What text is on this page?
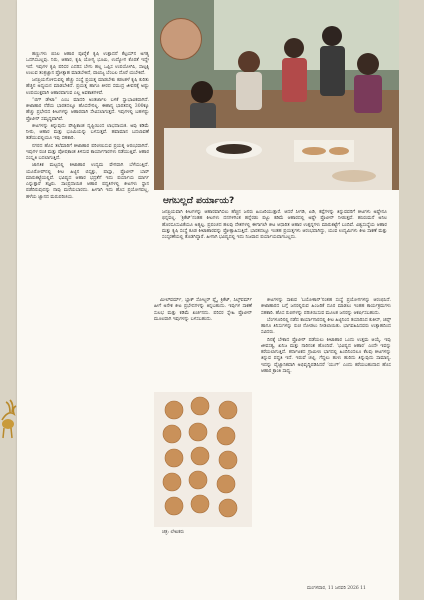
ಹಣ್ಣುಗಳು ಬಿಸಿಲ ಆಹಾರ ಪೂರೈಕೆ ಕೃಷಿ ಉತ್ಪಾದನೆ ಕೆಲ್ಪಯ್‌ನ ಅಗತ್ಯ ಒದಗಿಸಬಲ್ಲವು. ನಿರು, ಆಹಾರ, ಕೃಷಿ ಯೋಗ್ಯ ಭೂಮಿ, ಉದ್ಯೋಗ ಕೊರತೆ ಇದ್ದೇ ಇದೆ. ಇವುಗಳ ಕೃಷಿ ಪರಿಸರ ಎದರಿಸ ಬೇಗು ಹಲ್ಲ ಒಪ್ಪಿಸ ಉಪಯೋಗಿಸಿ, ಸಾಲ್ಪಕ್ಕಿ ಉಲುವ ತಂತ್ರಜ್ಞಾನ ಪ್ರೋತ್ಸಾಹ ಮಾಡಬೇಕಿದೆ, ವಾಣಿಜ್ಯ ಬೆಂಬಲ ದೊರೆ ಯಬೇಕಿದೆ.

ಜನಪ್ರಿಯಗೊಳಿಸುವಲ್ಲಿ ಹೆಚ್ಚು ಸಂಸ್ಥೆ ಪ್ರಯತ್ನ ಮಾಡಬೇಕು ಕಡಲಕಳೆ ಕೃಷಿ ಕುರಿತು ಹೆಚ್ಚಿನ ಅಧ್ಯಯನ ಮಾಡಬೇಕಿದೆ. ಪ್ರಯತ್ನ ಹಾಗೂ ತೀರದ ಸಮುದ್ರ ಜೀವನಕ್ಕೆ ಅಷ್ಟು ಉಪಯುಕ್ತವಾಗಿ ಆಹಾರವಾಗುವ ಎಲ್ಲ ಅವಕಾಶಗಳಿವೆ.

“ಬಿಗ್ ಡೇಟಾ” ಎಂಬ ಮಾದರಿ ಅಂತರ್ಜಾಲ ಬಳಕೆ ಸ್ವಾಭಾವಿಕವಾಗಿದೆ. ಕೀಟಾಹಾರ ನೆರೆಯ ಭಾರತದಲ್ಲೂ ಹೊಸದೇನಲ್ಲ. ಈಶಾನ್ಯ ಭಾರತದಲ್ಲಿ 300ಕ್ಕೂ ಹೆಚ್ಚು ಪ್ರಭೇದದ ಕೀಟಗಳನ್ನು ಆಹಾರವಾಗಿ ಸೇವಿಸಲಾಗುತ್ತದೆ. ಇವುಗಳಲ್ಲಿ ಬಹಳಷ್ಟು ಪ್ರೊಟೀನ್ ಸಮೃದ್ಧವಾಗಿವೆ.

ಕೀಟಗಳನ್ನು ತಿನ್ನುವುದು ಪೌಷ್ಟಿಕಾಂಶ ದೃಷ್ಟಿಯಿಂದ ಲಾಭದಾಯಕ. ಅವು ಕಡಿಮೆ ನೀರು, ಆಹಾರ ಮತ್ತು ಭೂಮಿಯನ್ನು ಬಳಸುತ್ತವೆ. ಹವಾಮಾನ ಬದಲಾವಣೆ ತಡೆಯುವಲ್ಲಿಯೂ ಇವು ಸಹಕಾರಿ.

ನಗರದ ಹೊಸ ತಲೆಮಾರಿಗೆ ಕೀಟಾಹಾರ ಪರಿಚಯಿಸುವ ಪ್ರಯತ್ನ ಆರಂಭವಾಗಿದೆ. ಇವುಗಳ ರುಚಿ ಮತ್ತು ಪೋಷಕಾಂಶ ತಿಳಿಸುವ ಕಾರ್ಯಾಗಾರಗಳು ನಡೆಯುತ್ತಿವೆ. ಆಹಾರ ಸಂಸ್ಕೃತಿ ಬದಲಾಗುತ್ತಿದೆ.

ಜಾಗತಿಕ ಮಟ್ಟದಲ್ಲಿ ಕೀಟಾಹಾರ ಉದ್ಯಮ ವೇಗವಾಗಿ ಬೆಳೆಯುತ್ತಿದೆ. ಯೂರೋಪ್‌ನಲ್ಲಿ ಕೀಟ ಹಿಟ್ಟಿನ ಬಿಸ್ಕತ್ತು, ಪಾಸ್ತಾ, ಪ್ರೊಟೀನ್ ಬಾರ್ ಮಾರುಕಟ್ಟೆಯಲ್ಲಿವೆ. ಭವಿಷ್ಯದ ಆಹಾರ ಭದ್ರತೆಗೆ ಇದು ಪರ್ಯಾಯ ಮಾರ್ಗ ಎನ್ನುತ್ತಾರೆ ತಜ್ಞರು. ಸಾಂಪ್ರದಾಯಿಕ ಆಹಾರ ಪದ್ಧತಿಗಳಲ್ಲಿ ಕೀಟಗಳು ಸ್ಥಾನ ಪಡೆದಿರುವುದನ್ನು ನಾವು ಮರೆಯಬಾರದು. ಹೀಗಾಗಿ ಇದು ಹೊಸ ಪ್ರಯೋಗವಲ್ಲ, ಹಳೆಯ ಜ್ಞಾನದ ಮರುಪರಿಚಯ.	ಆಗಬಲ್ಲದೆ ಪರ್ಯಾಯ?
ಜನಪ್ರಿಯವಾಗಿ ಕೀಟಗಳನ್ನು ಆಹಾರವಾಗಿಸಲು ಹೆಚ್ಚಿನ ಜನರು ಹಿಂಜರಿಯುತ್ತಾರೆ. ಆದರೆ ಸೀಗಡಿ, ಏಡಿ, ಕಪ್ಪೆಗಳನ್ನು ತಿನ್ನುವವರಿಗೆ ಕೀಟಗಳು ಅಷ್ಟೇನೂ ಭಿನ್ನವಲ್ಲ. ‘ಕ್ರಿಕೆಟ್’ನಂತಹ ಕೀಟಗಳು ದನಗಳಿಗಿಂತ ಹನ್ನೆರಡು ಪಟ್ಟು ಕಡಿಮೆ ಆಹಾರದಲ್ಲಿ ಅಷ್ಟೇ ಪ್ರೊಟೀನ್ ನೀಡುತ್ತವೆ. ಹಸಿರುಮನೆ ಅನಿಲ ಹೊರಸೂಸುವಿಕೆಯೂ ಅತ್ಯಲ್ಪ. ಪ್ರಪಂಚದ ಹಲವು ದೇಶಗಳಲ್ಲಿ ಈಗಾಗಲೇ ಕೀಟ ಆಧಾರಿತ ಆಹಾರ ಉತ್ಪನ್ನಗಳು ಮಾರುಕಟ್ಟೆಗೆ ಬಂದಿವೆ. ವಿಶ್ವಸಂಸ್ಥೆಯ ಆಹಾರ ಮತ್ತು ಕೃಷಿ ಸಂಸ್ಥೆ ಕೂಡ ಕೀಟಾಹಾರವನ್ನು ಪ್ರೋತ್ಸಾಹಿಸುತ್ತಿದೆ. ಭಾರತದಲ್ಲೂ ಇಂತಹ ಪ್ರಯತ್ನಗಳು ಆರಂಭವಾಗಿದ್ದು, ಯುವ ಉದ್ಯಮಿಗಳು ಕೀಟ ಸಾಕಣೆ ಮತ್ತು ಸಂಸ್ಕರಣೆಯಲ್ಲಿ ತೊಡಗಿದ್ದಾರೆ. ಹೀಗಾಗಿ ಭವಿಷ್ಯದಲ್ಲಿ ಇದು ನಿಜವಾದ ಪರ್ಯಾಯವಾಗಬಲ್ಲದು.

ಮೀಲ್‌ವರ್ಮ್, ಬ್ಲಾಕ್ ಸೋಲ್ಜರ್ ಫ್ಲೈ, ಕ್ರಿಕೆಟ್, ಸಿಲ್ಕ್‌ವರ್ಮ್ ಹೀಗೆ ಅನೇಕ ಕೀಟ ಪ್ರಭೇದಗಳನ್ನು ತಿನ್ನಬಹುದು. ಇವುಗಳ ಸಾಕಣೆ ಸುಲಭ ಮತ್ತು ಕಡಿಮೆ ಖರ್ಚಿನದು. ಪರಿಸರ ಸ್ನೇಹಿ ಪ್ರೊಟೀನ್ ಮೂಲವಾಗಿ ಇವುಗಳನ್ನು ಬಳಸಬಹುದು.

ಚಿತ್ರ: ಲೇಖಕರು

ಕೀಟಗಳನ್ನು ಸಾಕುವ 'ಬಯೋಕಾನ್'ನಂತಹ ಸಂಸ್ಥೆ ಪ್ರಯೋಗಗಳನ್ನು ಆರಂಭಿಸಿದೆ. ಕೀಟಾಹಾರದ ಬಗ್ಗೆ ಜನರಲ್ಲಿರುವ ಹಿಂಜರಿಕೆ ದೂರ ಮಾಡಲು ಇಂತಹ ಕಾರ್ಯಕ್ರಮಗಳು ಸಹಕಾರಿ. ಹೊಸ ರುಚಿಗಳನ್ನು ಪರಿಚಯಿಸುವ ಮೂಲಕ ಜನರನ್ನು ಆಕರ್ಷಿಸಬಹುದು.

ಬೆಂಗಳೂರಿನಲ್ಲಿ ನಡೆದ ಕಾರ್ಯಾಗಾರದಲ್ಲಿ ಕೀಟ ಹಿಟ್ಟಿನಿಂದ ತಯಾರಿಸಿದ ಕುಕೀಸ್, ಚಿಪ್ಸ್ ಹಾಗೂ ತಿನಿಸುಗಳನ್ನು ರುಚಿ ನೋಡಲು ನೀಡಲಾಯಿತು. ಭಾಗವಹಿಸಿದವರು ಉತ್ಸಾಹದಿಂದ ಸವಿದರು.

ದಿನಕ್ಕೆ ಬೇಕಾದ ಪ್ರೊಟೀನ್ ಪಡೆಯಲು ಕೀಟಾಹಾರ ಒಂದು ಉತ್ತಮ ಆಯ್ಕೆ. ಇವು ಜೀವಸತ್ವ, ಖನಿಜ ಮತ್ತು ನಾರಿನಂಶ ಹೊಂದಿವೆ. ‘ಭವಿಷ್ಯದ ಆಹಾರ’ ಎಂದೇ ಇವನ್ನು ಕರೆಯಲಾಗುತ್ತಿದೆ. ಕರ್ನಾಟಕದ ಗ್ರಾಮೀಣ ಭಾಗದಲ್ಲಿ ಹಿಂದಿನಿಂದಲೂ ಕೆಲವು ಕೀಟಗಳನ್ನು ತಿನ್ನುವ ಪದ್ಧತಿ ಇದೆ. ಇರುವೆ ಚಟ್ನಿ, ಗೆದ್ದಲು ಹುಳು ಹುರಿದು ತಿನ್ನುವುದು ಸಾಮಾನ್ಯ. ಇದನ್ನು ವೈಜ್ಞಾನಿಕವಾಗಿ ಅಭಿವೃದ್ಧಿಪಡಿಸಿದರೆ ‘ಯುಗ್’ ಎಂದು ಕರೆಯಬಹುದಾದ ಹೊಸ ಆಹಾರ ಕ್ರಾಂತಿ ಸಾಧ್ಯ.

ಮಂಗಳವಾರ, 11 ಜನವರಿ 2026 11
